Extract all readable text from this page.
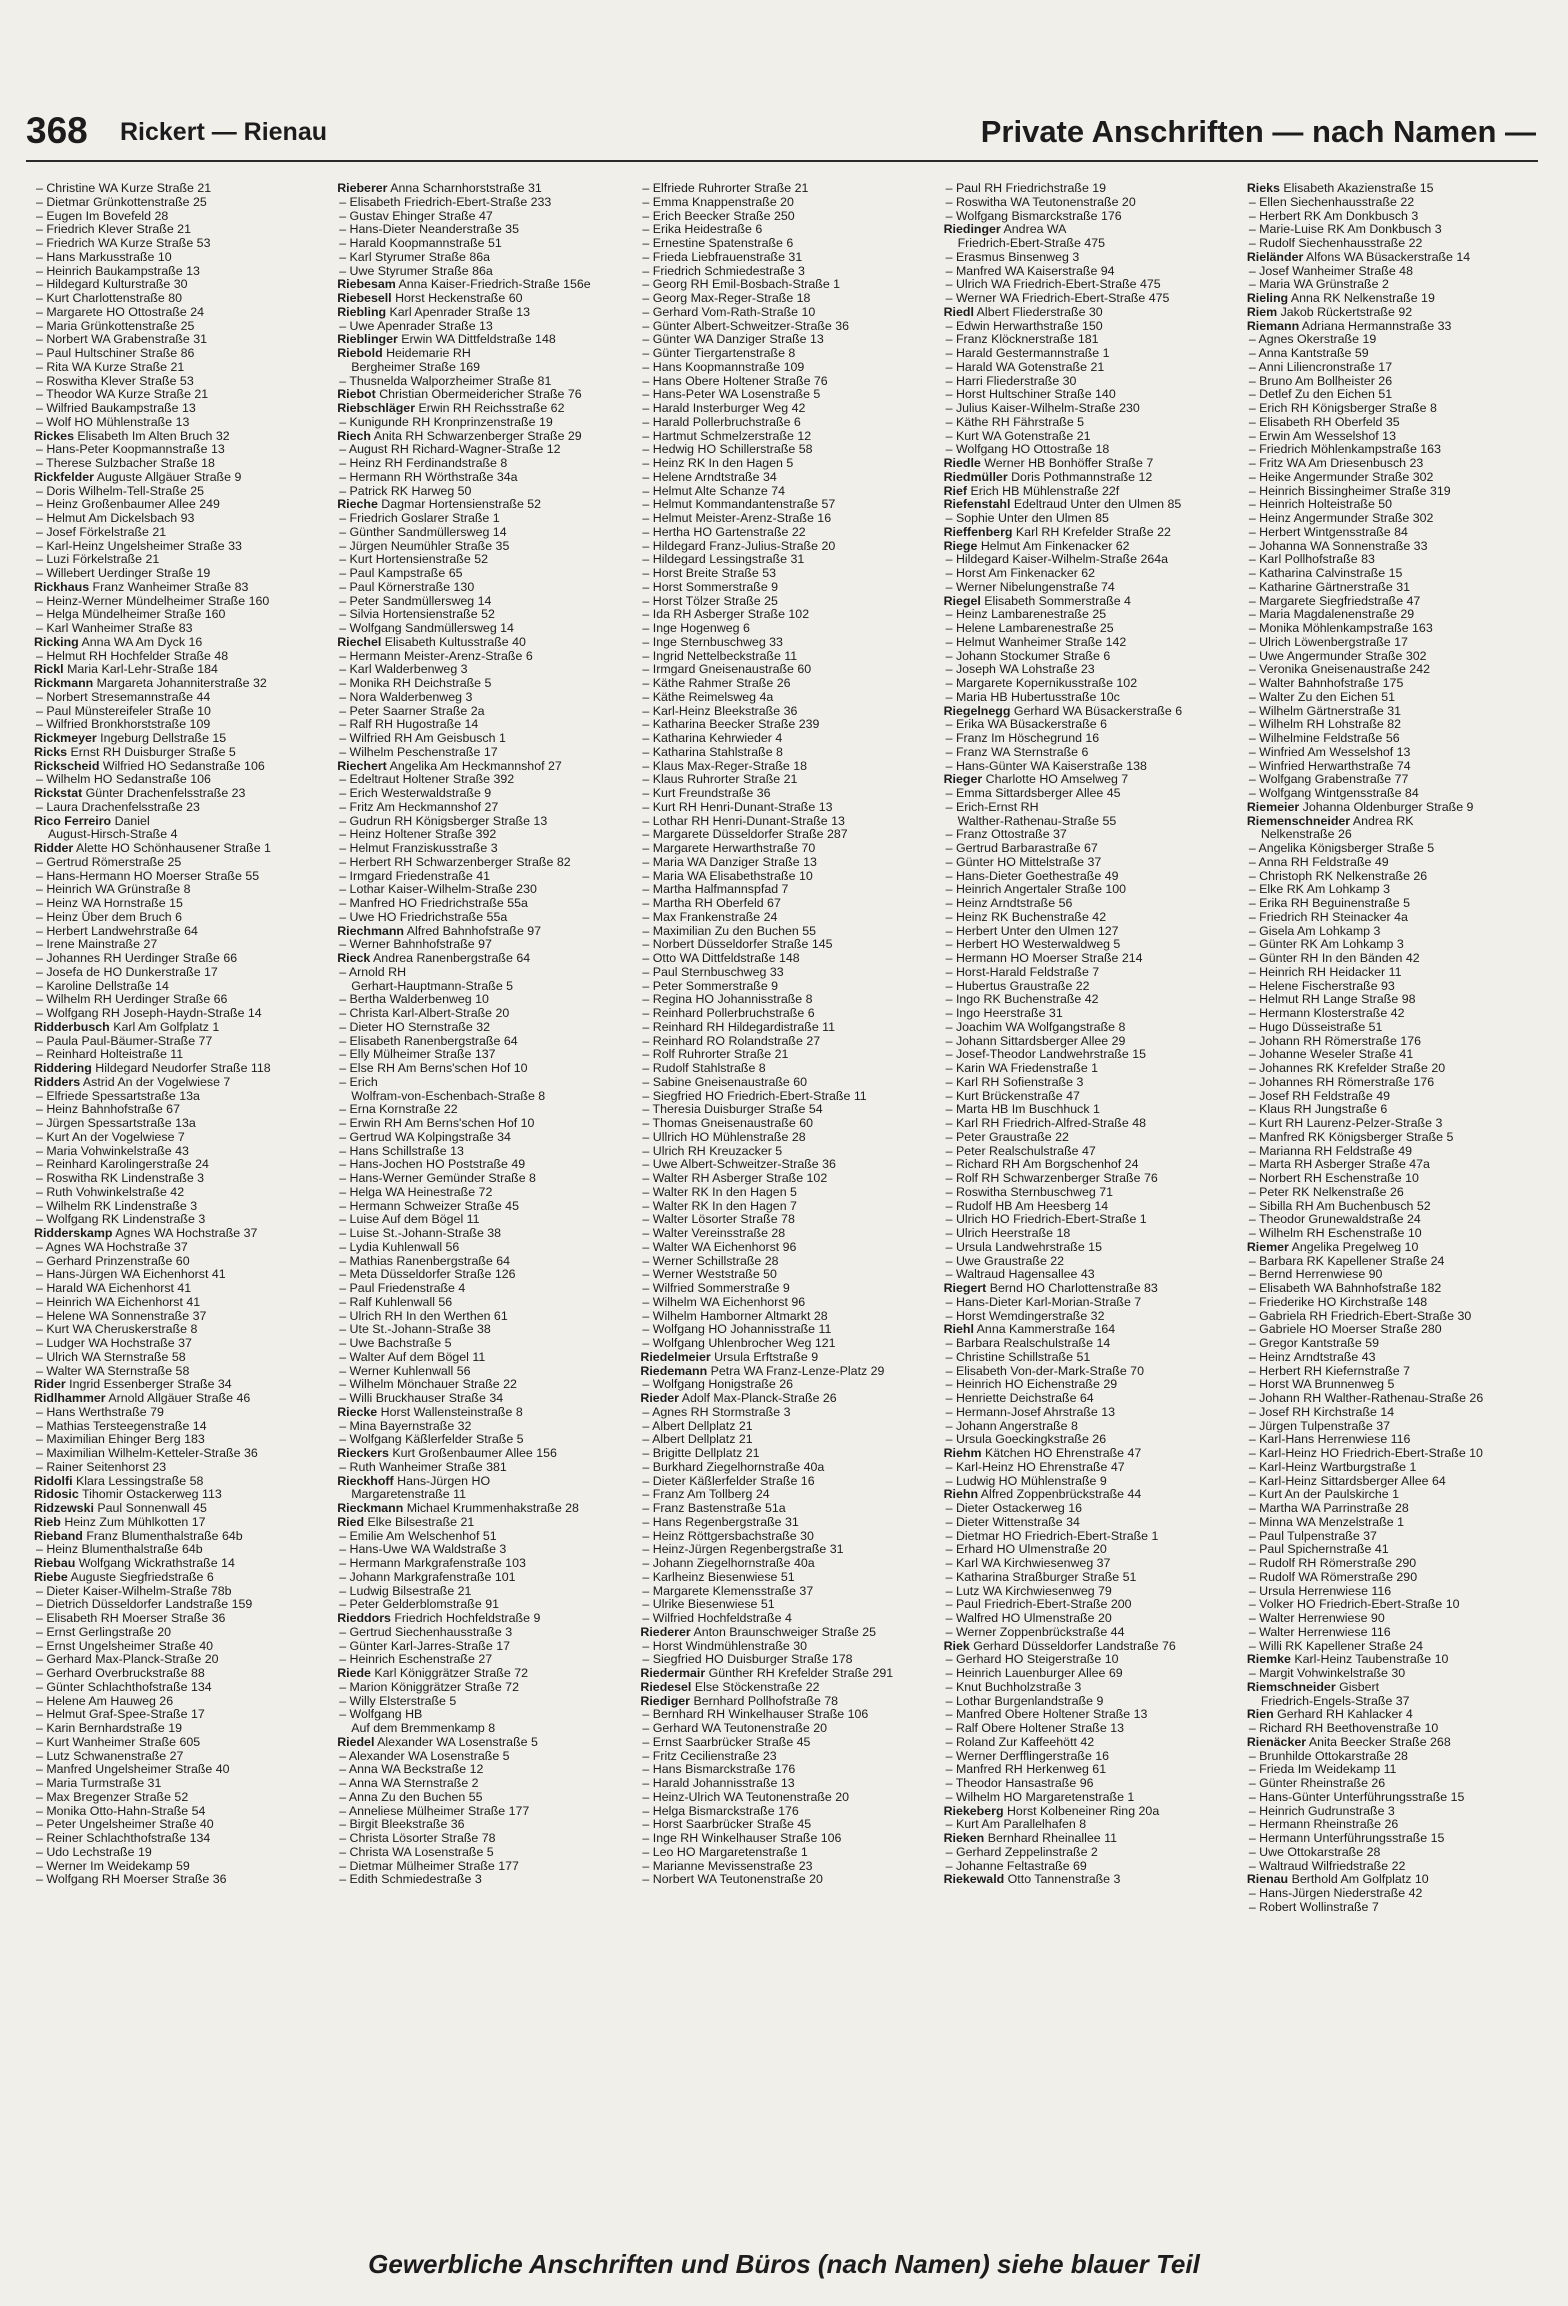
368 Rickert — Rienau	Private Anschriften — nach Namen —
– Christine WA Kurze Straße 21
– Dietmar Grünkottenstraße 25
– Eugen Im Bovefeld 28
– Friedrich Klever Straße 21
– Friedrich WA Kurze Straße 53
– Hans Markusstraße 10
– Heinrich Baukampstraße 13
– Hildegard Kulturstraße 30
– Kurt Charlottenstraße 80
– Margarete HO Ottostraße 24
– Maria Grünkottenstraße 25
– Norbert WA Grabenstraße 31
– Paul Hultschiner Straße 86
– Rita WA Kurze Straße 21
– Roswitha Klever Straße 53
– Theodor WA Kurze Straße 21
– Wilfried Baukampstraße 13
– Wolf HO Mühlenstraße 13
Rickes Elisabeth Im Alten Bruch 32
– Hans-Peter Koopmannstraße 13
– Therese Sulzbacher Straße 18
Rickfelder Auguste Allgäuer Straße 9
– Doris Wilhelm-Tell-Straße 25
– Heinz Großenbaumer Allee 249
– Helmut Am Dickelsbach 93
– Josef Förkelstraße 21
– Karl-Heinz Ungelsheimer Straße 33
– Luzi Förkelstraße 21
– Willebert Uerdinger Straße 19
Rickhaus Franz Wanheimer Straße 83
– Heinz-Werner Mündelheimer Straße 160
– Helga Mündelheimer Straße 160
– Karl Wanheimer Straße 83
Ricking Anna WA Am Dyck 16
– Helmut RH Hochfelder Straße 48
Rickl Maria Karl-Lehr-Straße 184
Rickmann Margareta Johanniterstraße 32
– Norbert Stresemannstraße 44
– Paul Münstereifeler Straße 10
– Wilfried Bronkhorststraße 109
Rickmeyer Ingeburg Dellstraße 15
Ricks Ernst RH Duisburger Straße 5
Rickscheid Wilfried HO Sedanstraße 106
– Wilhelm HO Sedanstraße 106
Rickstat Günter Drachenfelsstraße 23
– Laura Drachenfelsstraße 23
Rico Ferreiro Daniel
August-Hirsch-Straße 4
Ridder Alette HO Schönhausener Straße 1
– Gertrud Römerstraße 25
– Hans-Hermann HO Moerser Straße 55
– Heinrich WA Grünstraße 8
– Heinz WA Hornstraße 15
– Heinz Über dem Bruch 6
– Herbert Landwehrstraße 64
– Irene Mainstraße 27
– Johannes RH Uerdinger Straße 66
– Josefa de HO Dunkerstraße 17
– Karoline Dellstraße 14
– Wilhelm RH Uerdinger Straße 66
– Wolfgang RH Joseph-Haydn-Straße 14
Ridderbusch Karl Am Golfplatz 1
– Paula Paul-Bäumer-Straße 77
– Reinhard Holteistraße 11
Riddering Hildegard Neudorfer Straße 118
Ridders Astrid An der Vogelwiese 7
– Elfriede Spessartstraße 13a
– Heinz Bahnhofstraße 67
– Jürgen Spessartstraße 13a
– Kurt An der Vogelwiese 7
– Maria Vohwinkelstraße 43
– Reinhard Karolingerstraße 24
– Roswitha RK Lindenstraße 3
– Ruth Vohwinkelstraße 42
– Wilhelm RK Lindenstraße 3
– Wolfgang RK Lindenstraße 3
Ridderskamp Agnes WA Hochstraße 37
– Agnes WA Hochstraße 37
– Gerhard Prinzenstraße 60
– Hans-Jürgen WA Eichenhorst 41
– Harald WA Eichenhorst 41
– Heinrich WA Eichenhorst 41
– Helene WA Sonnenstraße 37
– Kurt WA Cheruskerstraße 8
– Ludger WA Hochstraße 37
– Ulrich WA Sternstraße 58
– Walter WA Sternstraße 58
Rider Ingrid Essenberger Straße 34
Ridlhammer Arnold Allgäuer Straße 46
– Hans Werthstraße 79
– Mathias Tersteegenstraße 14
– Maximilian Ehinger Berg 183
– Maximilian Wilhelm-Ketteler-Straße 36
– Rainer Seitenhorst 23
Ridolfi Klara Lessingstraße 58
Ridosic Tihomir Ostackerweg 113
Ridzewski Paul Sonnenwall 45
Rieb Heinz Zum Mühlkotten 17
Rieband Franz Blumenthalstraße 64b
– Heinz Blumenthalstraße 64b
Riebau Wolfgang Wickrathstraße 14
Riebe Auguste Siegfriedstraße 6
– Dieter Kaiser-Wilhelm-Straße 78b
– Dietrich Düsseldorfer Landstraße 159
– Elisabeth RH Moerser Straße 36
– Ernst Gerlingstraße 20
– Ernst Ungelsheimer Straße 40
– Gerhard Max-Planck-Straße 20
– Gerhard Overbruckstraße 88
– Günter Schlachthofstraße 134
– Helene Am Hauweg 26
– Helmut Graf-Spee-Straße 17
– Karin Bernhardstraße 19
– Kurt Wanheimer Straße 605
– Lutz Schwanenstraße 27
– Manfred Ungelsheimer Straße 40
– Maria Turmstraße 31
– Max Bregenzer Straße 52
– Monika Otto-Hahn-Straße 54
– Peter Ungelsheimer Straße 40
– Reiner Schlachthofstraße 134
– Udo Lechstraße 19
– Werner Im Weidekamp 59
– Wolfgang RH Moerser Straße 36
Rieberer Anna Scharnhorststraße 31
– Elisabeth Friedrich-Ebert-Straße 233
– Gustav Ehinger Straße 47
– Hans-Dieter Neanderstraße 35
– Harald Koopmannstraße 51
– Karl Styrumer Straße 86a
– Uwe Styrumer Straße 86a
Riebesam Anna Kaiser-Friedrich-Straße 156e
Riebesell Horst Heckenstraße 60
Riebling Karl Apenrader Straße 13
– Uwe Apenrader Straße 13
Rieblinger Erwin WA Dittfeldstraße 148
Riebold Heidemarie RH
Bergheimer Straße 169
– Thusnelda Walporzheimer Straße 81
Riebot Christian Obermeidericher Straße 76
Riebschläger Erwin RH Reichsstraße 62
– Kunigunde RH Kronprinzenstraße 19
Riech Anita RH Schwarzenberger Straße 29
– August RH Richard-Wagner-Straße 12
– Heinz RH Ferdinandstraße 8
– Hermann RH Wörthstraße 34a
– Patrick RK Harweg 50
Rieche Dagmar Hortensienstraße 52
– Friedrich Goslarer Straße 1
– Günther Sandmüllersweg 14
– Jürgen Neumühler Straße 35
– Kurt Hortensienstraße 52
– Paul Kampstraße 65
– Paul Körnerstraße 130
– Peter Sandmüllersweg 14
– Silvia Hortensienstraße 52
– Wolfgang Sandmüllersweg 14
Riechel Elisabeth Kultusstraße 40
– Hermann Meister-Arenz-Straße 6
– Karl Walderbenweg 3
– Monika RH Deichstraße 5
– Nora Walderbenweg 3
– Peter Saarner Straße 2a
– Ralf RH Hugostraße 14
– Wilfried RH Am Geisbusch 1
– Wilhelm Peschenstraße 17
Riechert Angelika Am Heckmannshof 27
– Edeltraut Holtener Straße 392
– Erich Westerwaldstraße 9
– Fritz Am Heckmannshof 27
– Gudrun RH Königsberger Straße 13
– Heinz Holtener Straße 392
– Helmut Franziskusstraße 3
– Herbert RH Schwarzenberger Straße 82
– Irmgard Friedenstraße 41
– Lothar Kaiser-Wilhelm-Straße 230
– Manfred HO Friedrichstraße 55a
– Uwe HO Friedrichstraße 55a
Riechmann Alfred Bahnhofstraße 97
– Werner Bahnhofstraße 97
Rieck Andrea Ranenbergstraße 64
– Arnold RH
Gerhart-Hauptmann-Straße 5
– Bertha Walderbenweg 10
– Christa Karl-Albert-Straße 20
– Dieter HO Sternstraße 32
– Elisabeth Ranenbergstraße 64
– Elly Mülheimer Straße 137
– Else RH Am Berns'schen Hof 10
– Erich
Wolfram-von-Eschenbach-Straße 8
– Erna Kornstraße 22
– Erwin RH Am Berns'schen Hof 10
– Gertrud WA Kolpingstraße 34
– Hans Schillstraße 13
– Hans-Jochen HO Poststraße 49
– Hans-Werner Gemünder Straße 8
– Helga WA Heinestraße 72
– Hermann Schweizer Straße 45
– Luise Auf dem Bögel 11
– Luise St.-Johann-Straße 38
– Lydia Kuhlenwall 56
– Mathias Ranenbergstraße 64
– Meta Düsseldorfer Straße 126
– Paul Friedenstraße 4
– Ralf Kuhlenwall 56
– Ulrich RH In den Werthen 61
– Ute St.-Johann-Straße 38
– Uwe Bachstraße 5
– Walter Auf dem Bögel 11
– Werner Kuhlenwall 56
– Wilhelm Mönchauer Straße 22
– Willi Bruckhauser Straße 34
Riecke Horst Wallensteinstraße 8
– Mina Bayernstraße 32
– Wolfgang Käßlerfelder Straße 5
Rieckers Kurt Großenbaumer Allee 156
– Ruth Wanheimer Straße 381
Rieckhoff Hans-Jürgen HO
Margaretenstraße 11
Rieckmann Michael Krummenhakstraße 28
Ried Elke Bilsestraße 21
– Emilie Am Welschenhof 51
– Hans-Uwe WA Waldstraße 3
– Hermann Markgrafenstraße 103
– Johann Markgrafenstraße 101
– Ludwig Bilsestraße 21
– Peter Gelderblomstraße 91
Rieddors Friedrich Hochfeldstraße 9
– Gertrud Siechenhausstraße 3
– Günter Karl-Jarres-Straße 17
– Heinrich Eschenstraße 27
Riede Karl Königgrätzer Straße 72
– Marion Königgrätzer Straße 72
– Willy Elsterstraße 5
– Wolfgang HB
Auf dem Bremmenkamp 8
Riedel Alexander WA Losenstraße 5
– Alexander WA Losenstraße 5
– Anna WA Beckstraße 12
– Anna WA Sternstraße 2
– Anna Zu den Buchen 55
– Anneliese Mülheimer Straße 177
– Birgit Bleekstraße 36
– Christa Lösorter Straße 78
– Christa WA Losenstraße 5
– Dietmar Mülheimer Straße 177
– Edith Schmiedestraße 3
– Elfriede Ruhrorter Straße 21
– Emma Knappenstraße 20
– Erich Beecker Straße 250
– Erika Heidestraße 6
– Ernestine Spatenstraße 6
– Frieda Liebfrauenstraße 31
– Friedrich Schmiedestraße 3
– Georg RH Emil-Bosbach-Straße 1
– Georg Max-Reger-Straße 18
– Gerhard Vom-Rath-Straße 10
– Günter Albert-Schweitzer-Straße 36
– Günter WA Danziger Straße 13
– Günter Tiergartenstraße 8
– Hans Koopmannstraße 109
– Hans Obere Holtener Straße 76
– Hans-Peter WA Losenstraße 5
– Harald Insterburger Weg 42
– Harald Pollerbruchstraße 6
– Hartmut Schmelzerstraße 12
– Hedwig HO Schillerstraße 58
– Heinz RK In den Hagen 5
– Helene Arndtstraße 34
– Helmut Alte Schanze 74
– Helmut Kommandantenstraße 57
– Helmut Meister-Arenz-Straße 16
– Hertha HO Gartenstraße 22
– Hildegard Franz-Julius-Straße 20
– Hildegard Lessingstraße 31
– Horst Breite Straße 53
– Horst Sommerstraße 9
– Horst Tölzer Straße 25
– Ida RH Asberger Straße 102
– Inge Hogenweg 6
– Inge Sternbuschweg 33
– Ingrid Nettelbeckstraße 11
– Irmgard Gneisenaustraße 60
– Käthe Rahmer Straße 26
– Käthe Reimelsweg 4a
– Karl-Heinz Bleekstraße 36
– Katharina Beecker Straße 239
– Katharina Kehrwieder 4
– Katharina Stahlstraße 8
– Klaus Max-Reger-Straße 18
– Klaus Ruhrorter Straße 21
– Kurt Freundstraße 36
– Kurt RH Henri-Dunant-Straße 13
– Lothar RH Henri-Dunant-Straße 13
– Margarete Düsseldorfer Straße 287
– Margarete Herwarthstraße 70
– Maria WA Danziger Straße 13
– Maria WA Elisabethstraße 10
– Martha Halfmannspfad 7
– Martha RH Oberfeld 67
– Max Frankenstraße 24
– Maximilian Zu den Buchen 55
– Norbert Düsseldorfer Straße 145
– Otto WA Dittfeldstraße 148
– Paul Sternbuschweg 33
– Peter Sommerstraße 9
– Regina HO Johannisstraße 8
– Reinhard Pollerbruchstraße 6
– Reinhard RH Hildegardistraße 11
– Reinhard RO Rolandstraße 27
– Rolf Ruhrorter Straße 21
– Rudolf Stahlstraße 8
– Sabine Gneisenaustraße 60
– Siegfried HO Friedrich-Ebert-Straße 11
– Theresia Duisburger Straße 54
– Thomas Gneisenaustraße 60
– Ullrich HO Mühlenstraße 28
– Ulrich RH Kreuzacker 5
– Uwe Albert-Schweitzer-Straße 36
– Walter RH Asberger Straße 102
– Walter RK In den Hagen 5
– Walter RK In den Hagen 7
– Walter Lösorter Straße 78
– Walter Vereinsstraße 28
– Walter WA Eichenhorst 96
– Werner Schillstraße 28
– Werner Weststraße 50
– Wilfried Sommerstraße 9
– Wilhelm WA Eichenhorst 96
– Wilhelm Hamborner Altmarkt 28
– Wolfgang HO Johannisstraße 11
– Wolfgang Uhlenbrocher Weg 121
Riedelmeier Ursula Erftstraße 9
Riedemann Petra WA Franz-Lenze-Platz 29
– Wolfgang Honigstraße 26
Rieder Adolf Max-Planck-Straße 26
– Agnes RH Stormstraße 3
– Albert Dellplatz 21
– Albert Dellplatz 21
– Brigitte Dellplatz 21
– Burkhard Ziegelhornstraße 40a
– Dieter Käßlerfelder Straße 16
– Franz Am Tollberg 24
– Franz Bastenstraße 51a
– Hans Regenbergstraße 31
– Heinz Röttgersbachstraße 30
– Heinz-Jürgen Regenbergstraße 31
– Johann Ziegelhornstraße 40a
– Karlheinz Biesenwiese 51
– Margarete Klemensstraße 37
– Ulrike Biesenwiese 51
– Wilfried Hochfeldstraße 4
Riederer Anton Braunschweiger Straße 25
– Horst Windmühlenstraße 30
– Siegfried HO Duisburger Straße 178
Riedermair Günther RH Krefelder Straße 291
Riedesel Else Stöckenstraße 22
Riediger Bernhard Pollhofstraße 78
– Bernhard RH Winkelhauser Straße 106
– Gerhard WA Teutonenstraße 20
– Ernst Saarbrücker Straße 45
– Fritz Cecilienstraße 23
– Hans Bismarckstraße 176
– Harald Johannisstraße 13
– Heinz-Ulrich WA Teutonenstraße 20
– Helga Bismarckstraße 176
– Horst Saarbrücker Straße 45
– Inge RH Winkelhauser Straße 106
– Leo HO Margaretenstraße 1
– Marianne Mevissenstraße 23
– Norbert WA Teutonenstraße 20
– Paul RH Friedrichstraße 19
– Roswitha WA Teutonenstraße 20
– Wolfgang Bismarckstraße 176
Riedinger Andrea WA
Friedrich-Ebert-Straße 475
– Erasmus Binsenweg 3
– Manfred WA Kaiserstraße 94
– Ulrich WA Friedrich-Ebert-Straße 475
– Werner WA Friedrich-Ebert-Straße 475
Riedl Albert Fliederstraße 30
– Edwin Herwarthstraße 150
– Franz Klöcknerstraße 181
– Harald Gestermannstraße 1
– Harald WA Gotenstraße 21
– Harri Fliederstraße 30
– Horst Hultschiner Straße 140
– Julius Kaiser-Wilhelm-Straße 230
– Käthe RH Fährstraße 5
– Kurt WA Gotenstraße 21
– Wolfgang HO Ottostraße 18
Riedle Werner HB Bonhöffer Straße 7
Riedmüller Doris Pothmannstraße 12
Rief Erich HB Mühlenstraße 22f
Riefenstahl Edeltraud Unter den Ulmen 85
– Sophie Unter den Ulmen 85
Rieffenberg Karl RH Krefelder Straße 22
Riege Helmut Am Finkenacker 62
– Hildegard Kaiser-Wilhelm-Straße 264a
– Horst Am Finkenacker 62
– Werner Nibelungenstraße 74
Riegel Elisabeth Sommerstraße 4
– Heinz Lambarenestraße 25
– Helene Lambarenestraße 25
– Helmut Wanheimer Straße 142
– Johann Stockumer Straße 6
– Joseph WA Lohstraße 23
– Margarete Kopernikusstraße 102
– Maria HB Hubertusstraße 10c
Riegelnegg Gerhard WA Büsackerstraße 6
– Erika WA Büsackerstraße 6
– Franz Im Höschegrund 16
– Franz WA Sternstraße 6
– Hans-Günter WA Kaiserstraße 138
Rieger Charlotte HO Amselweg 7
– Emma Sittardsberger Allee 45
– Erich-Ernst RH
Walther-Rathenau-Straße 55
– Franz Ottostraße 37
– Gertrud Barbarastraße 67
– Günter HO Mittelstraße 37
– Hans-Dieter Goethestraße 49
– Heinrich Angertaler Straße 100
– Heinz Arndtstraße 56
– Heinz RK Buchenstraße 42
– Herbert Unter den Ulmen 127
– Herbert HO Westerwaldweg 5
– Hermann HO Moerser Straße 214
– Horst-Harald Feldstraße 7
– Hubertus Graustraße 22
– Ingo RK Buchenstraße 42
– Ingo Heerstraße 31
– Joachim WA Wolfgangstraße 8
– Johann Sittardsberger Allee 29
– Josef-Theodor Landwehrstraße 15
– Karin WA Friedenstraße 1
– Karl RH Sofienstraße 3
– Kurt Brückenstraße 47
– Marta HB Im Buschhuck 1
– Karl RH Friedrich-Alfred-Straße 48
– Peter Graustraße 22
– Peter Realschulstraße 47
– Richard RH Am Borgschenhof 24
– Rolf RH Schwarzenberger Straße 76
– Roswitha Sternbuschweg 71
– Rudolf HB Am Heesberg 14
– Ulrich HO Friedrich-Ebert-Straße 1
– Ulrich Heerstraße 18
– Ursula Landwehrstraße 15
– Uwe Graustraße 22
– Waltraud Hagensallee 43
Riegert Bernd HO Charlottenstraße 83
– Hans-Dieter Karl-Morian-Straße 7
– Horst Wemdingerstraße 32
Riehl Anna Kammerstraße 164
– Barbara Realschulstraße 14
– Christine Schillstraße 51
– Elisabeth Von-der-Mark-Straße 70
– Heinrich HO Eichenstraße 29
– Henriette Deichstraße 64
– Hermann-Josef Ahrstraße 13
– Johann Angerstraße 8
– Ursula Goeckingkstraße 26
Riehm Kätchen HO Ehrenstraße 47
– Karl-Heinz HO Ehrenstraße 47
– Ludwig HO Mühlenstraße 9
Riehn Alfred Zoppenbrückstraße 44
– Dieter Ostackerweg 16
– Dieter Wittenstraße 34
– Dietmar HO Friedrich-Ebert-Straße 1
– Erhard HO Ulmenstraße 20
– Karl WA Kirchwiesenweg 37
– Katharina Straßburger Straße 51
– Lutz WA Kirchwiesenweg 79
– Paul Friedrich-Ebert-Straße 200
– Walfred HO Ulmenstraße 20
– Werner Zoppenbrückstraße 44
Riek Gerhard Düsseldorfer Landstraße 76
– Gerhard HO Steigerstraße 10
– Heinrich Lauenburger Allee 69
– Knut Buchholzstraße 3
– Lothar Burgenlandstraße 9
– Manfred Obere Holtener Straße 13
– Ralf Obere Holtener Straße 13
– Roland Zur Kaffeehött 42
– Werner Derfflingerstraße 16
– Manfred RH Herkenweg 61
– Theodor Hansastraße 96
– Wilhelm HO Margaretenstraße 1
Riekeberg Horst Kolbeneiner Ring 20a
– Kurt Am Parallelhafen 8
Rieken Bernhard Rheinallee 11
– Gerhard Zeppelinstraße 2
– Johanne Feltastraße 69
Riekewald Otto Tannenstraße 3
Rieks Elisabeth Akazienstraße 15
– Ellen Siechenhausstraße 22
– Herbert RK Am Donkbusch 3
– Marie-Luise RK Am Donkbusch 3
– Rudolf Siechenhausstraße 22
Rieländer Alfons WA Büsackerstraße 14
– Josef Wanheimer Straße 48
– Maria WA Grünstraße 2
Rieling Anna RK Nelkenstraße 19
Riem Jakob Rückertstraße 92
Riemann Adriana Hermannstraße 33
– Agnes Okerstraße 19
– Anna Kantstraße 59
– Anni Liliencronstraße 17
– Bruno Am Bollheister 26
– Detlef Zu den Eichen 51
– Erich RH Königsberger Straße 8
– Elisabeth RH Oberfeld 35
– Erwin Am Wesselshof 13
– Friedrich Möhlenkampstraße 163
– Fritz WA Am Driesenbusch 23
– Heike Angermunder Straße 302
– Heinrich Bissingheimer Straße 319
– Heinrich Holteistraße 50
– Heinz Angermunder Straße 302
– Herbert Wintgensstraße 84
– Johanna WA Sonnenstraße 33
– Karl Pollhofstraße 83
– Katharina Calvinstraße 15
– Katharine Gärtnerstraße 31
– Margarete Siegfriedstraße 47
– Maria Magdalenenstraße 29
– Monika Möhlenkampstraße 163
– Ulrich Löwenbergstraße 17
– Uwe Angermunder Straße 302
– Veronika Gneisenaustraße 242
– Walter Bahnhofstraße 175
– Walter Zu den Eichen 51
– Wilhelm Gärtnerstraße 31
– Wilhelm RH Lohstraße 82
– Wilhelmine Feldstraße 56
– Winfried Am Wesselshof 13
– Winfried Herwarthstraße 74
– Wolfgang Grabenstraße 77
– Wolfgang Wintgensstraße 84
Riemeier Johanna Oldenburger Straße 9
Riemenschneider Andrea RK
Nelkenstraße 26
– Angelika Königsberger Straße 5
– Anna RH Feldstraße 49
– Christoph RK Nelkenstraße 26
– Elke RK Am Lohkamp 3
– Erika RH Beguinenstraße 5
– Friedrich RH Steinacker 4a
– Gisela Am Lohkamp 3
– Günter RK Am Lohkamp 3
– Günter RH In den Bänden 42
– Heinrich RH Heidacker 11
– Helene Fischerstraße 93
– Helmut RH Lange Straße 98
– Hermann Klosterstraße 42
– Hugo Düsseistraße 51
– Johann RH Römerstraße 176
– Johanne Weseler Straße 41
– Johannes RK Krefelder Straße 20
– Johannes RH Römerstraße 176
– Josef RH Feldstraße 49
– Klaus RH Jungstraße 6
– Kurt RH Laurenz-Pelzer-Straße 3
– Manfred RK Königsberger Straße 5
– Marianna RH Feldstraße 49
– Marta RH Asberger Straße 47a
– Norbert RH Eschenstraße 10
– Peter RK Nelkenstraße 26
– Sibilla RH Am Buchenbusch 52
– Theodor Grunewaldstraße 24
– Wilhelm RH Eschenstraße 10
Riemer Angelika Pregelweg 10
– Barbara RK Kapellener Straße 24
– Bernd Herrenwiese 90
– Elisabeth WA Bahnhofstraße 182
– Friederike HO Kirchstraße 148
– Gabriela RH Friedrich-Ebert-Straße 30
– Gabriele HO Moerser Straße 280
– Gregor Kantstraße 59
– Heinz Arndtstraße 43
– Herbert RH Kiefernstraße 7
– Horst WA Brunnenweg 5
– Johann RH Walther-Rathenau-Straße 26
– Josef RH Kirchstraße 14
– Jürgen Tulpenstraße 37
– Karl-Hans Herrenwiese 116
– Karl-Heinz HO Friedrich-Ebert-Straße 10
– Karl-Heinz Wartburgstraße 1
– Karl-Heinz Sittardsberger Allee 64
– Kurt An der Paulskirche 1
– Martha WA Parrinstraße 28
– Minna WA Menzelstraße 1
– Paul Tulpenstraße 37
– Paul Spichernstraße 41
– Rudolf RH Römerstraße 290
– Rudolf WA Römerstraße 290
– Ursula Herrenwiese 116
– Volker HO Friedrich-Ebert-Straße 10
– Walter Herrenwiese 90
– Walter Herrenwiese 116
– Willi RK Kapellener Straße 24
Riemke Karl-Heinz Taubenstraße 10
– Margit Vohwinkelstraße 30
Riemschneider Gisbert
Friedrich-Engels-Straße 37
Rien Gerhard RH Kahlacker 4
– Richard RH Beethovenstraße 10
Rienäcker Anita Beecker Straße 268
– Brunhilde Ottokarstraße 28
– Frieda Im Weidekamp 11
– Günter Rheinstraße 26
– Hans-Günter Unterführungsstraße 15
– Heinrich Gudrunstraße 3
– Hermann Rheinstraße 26
– Hermann Unterführungsstraße 15
– Uwe Ottokarstraße 28
– Waltraud Wilfriedstraße 22
Rienau Berthold Am Golfplatz 10
– Hans-Jürgen Niederstraße 42
– Robert Wollinstraße 7
Gewerbliche Anschriften und Büros (nach Namen) siehe blauer Teil
